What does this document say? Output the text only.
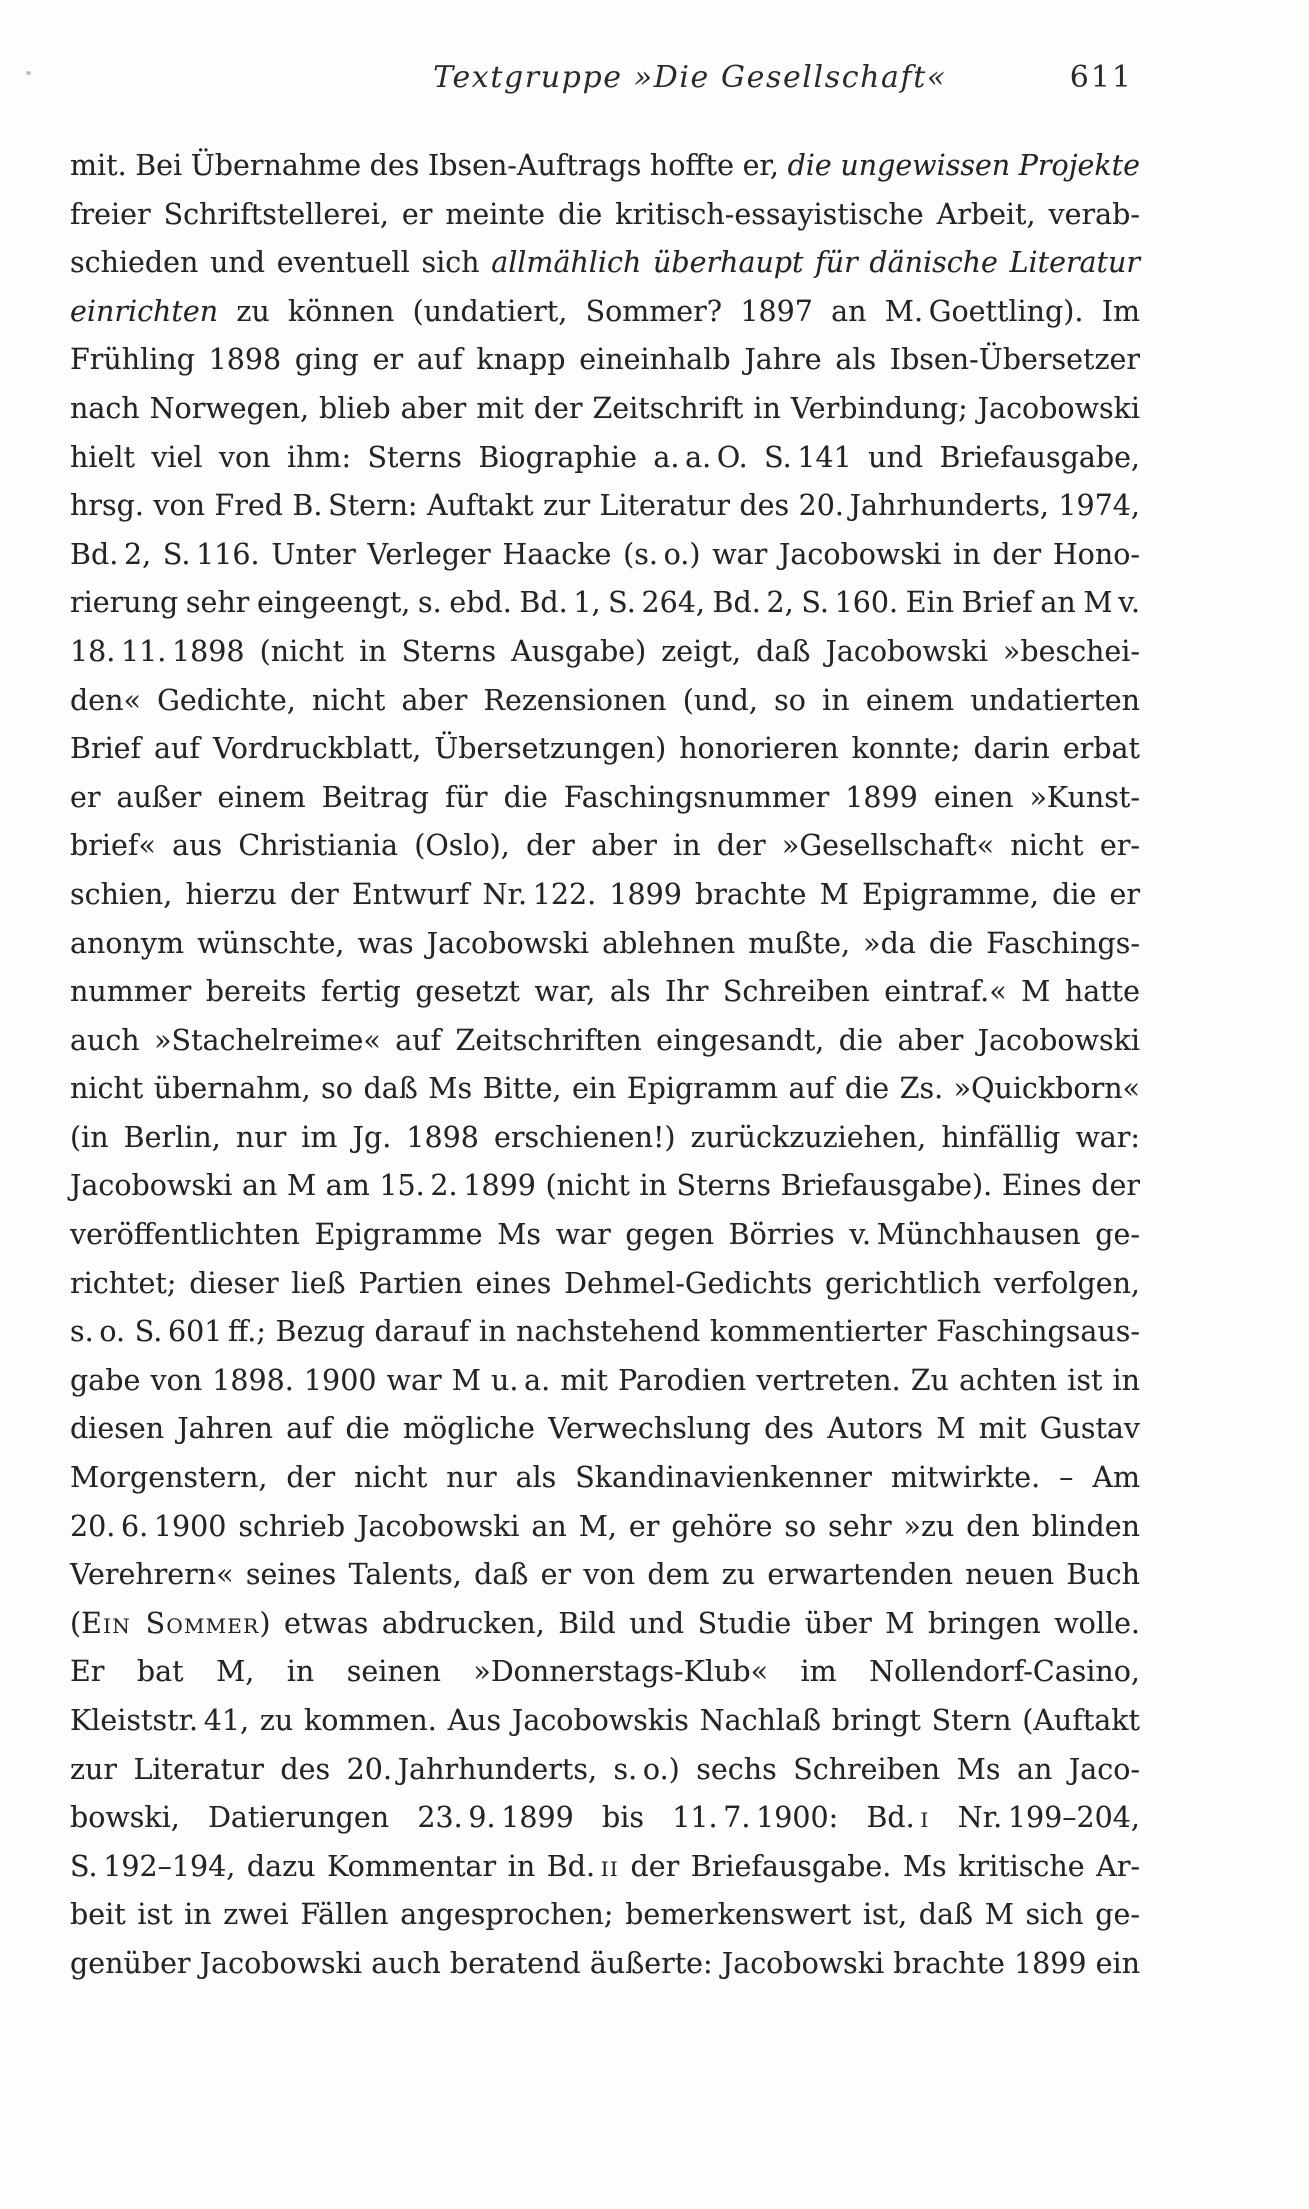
Textgruppe »Die Gesellschaft«	611
mit. Bei Übernahme des Ibsen-Auftrags hoffte er, die ungewissen Projekte
freier Schriftstellerei, er meinte die kritisch-essayistische Arbeit, verab-
schieden und eventuell sich allmählich überhaupt für dänische Literatur
einrichten zu können (undatiert, Sommer? 1897 an M. Goettling). Im
Frühling 1898 ging er auf knapp eineinhalb Jahre als Ibsen-Übersetzer
nach Norwegen, blieb aber mit der Zeitschrift in Verbindung; Jacobowski
hielt viel von ihm: Sterns Biographie a. a. O. S. 141 und Briefausgabe,
hrsg. von Fred B. Stern: Auftakt zur Literatur des 20. Jahrhunderts, 1974,
Bd. 2, S. 116. Unter Verleger Haacke (s. o.) war Jacobowski in der Hono-
rierung sehr eingeengt, s. ebd. Bd. 1, S. 264, Bd. 2, S. 160. Ein Brief an M v.
18. 11. 1898 (nicht in Sterns Ausgabe) zeigt, daß Jacobowski »beschei-
den« Gedichte, nicht aber Rezensionen (und, so in einem undatierten
Brief auf Vordruckblatt, Übersetzungen) honorieren konnte; darin erbat
er außer einem Beitrag für die Faschingsnummer 1899 einen »Kunst-
brief« aus Christiania (Oslo), der aber in der »Gesellschaft« nicht er-
schien, hierzu der Entwurf Nr. 122. 1899 brachte M Epigramme, die er
anonym wünschte, was Jacobowski ablehnen mußte, »da die Faschings-
nummer bereits fertig gesetzt war, als Ihr Schreiben eintraf.« M hatte
auch »Stachelreime« auf Zeitschriften eingesandt, die aber Jacobowski
nicht übernahm, so daß Ms Bitte, ein Epigramm auf die Zs. »Quickborn«
(in Berlin, nur im Jg. 1898 erschienen!) zurückzuziehen, hinfällig war:
Jacobowski an M am 15. 2. 1899 (nicht in Sterns Briefausgabe). Eines der
veröffentlichten Epigramme Ms war gegen Börries v. Münchhausen ge-
richtet; dieser ließ Partien eines Dehmel-Gedichts gerichtlich verfolgen,
s. o. S. 601 ff.; Bezug darauf in nachstehend kommentierter Faschingsaus-
gabe von 1898. 1900 war M u. a. mit Parodien vertreten. Zu achten ist in
diesen Jahren auf die mögliche Verwechslung des Autors M mit Gustav
Morgenstern, der nicht nur als Skandinavienkenner mitwirkte. – Am
20. 6. 1900 schrieb Jacobowski an M, er gehöre so sehr »zu den blinden
Verehrern« seines Talents, daß er von dem zu erwartenden neuen Buch
(Ein Sommer) etwas abdrucken, Bild und Studie über M bringen wolle.
Er bat M, in seinen »Donnerstags-Klub« im Nollendorf-Casino,
Kleiststr. 41, zu kommen. Aus Jacobowskis Nachlaß bringt Stern (Auftakt
zur Literatur des 20. Jahrhunderts, s. o.) sechs Schreiben Ms an Jaco-
bowski, Datierungen 23. 9. 1899 bis 11. 7. 1900: Bd. i Nr. 199–204,
S. 192–194, dazu Kommentar in Bd. ii der Briefausgabe. Ms kritische Ar-
beit ist in zwei Fällen angesprochen; bemerkenswert ist, daß M sich ge-
genüber Jacobowski auch beratend äußerte: Jacobowski brachte 1899 ein
